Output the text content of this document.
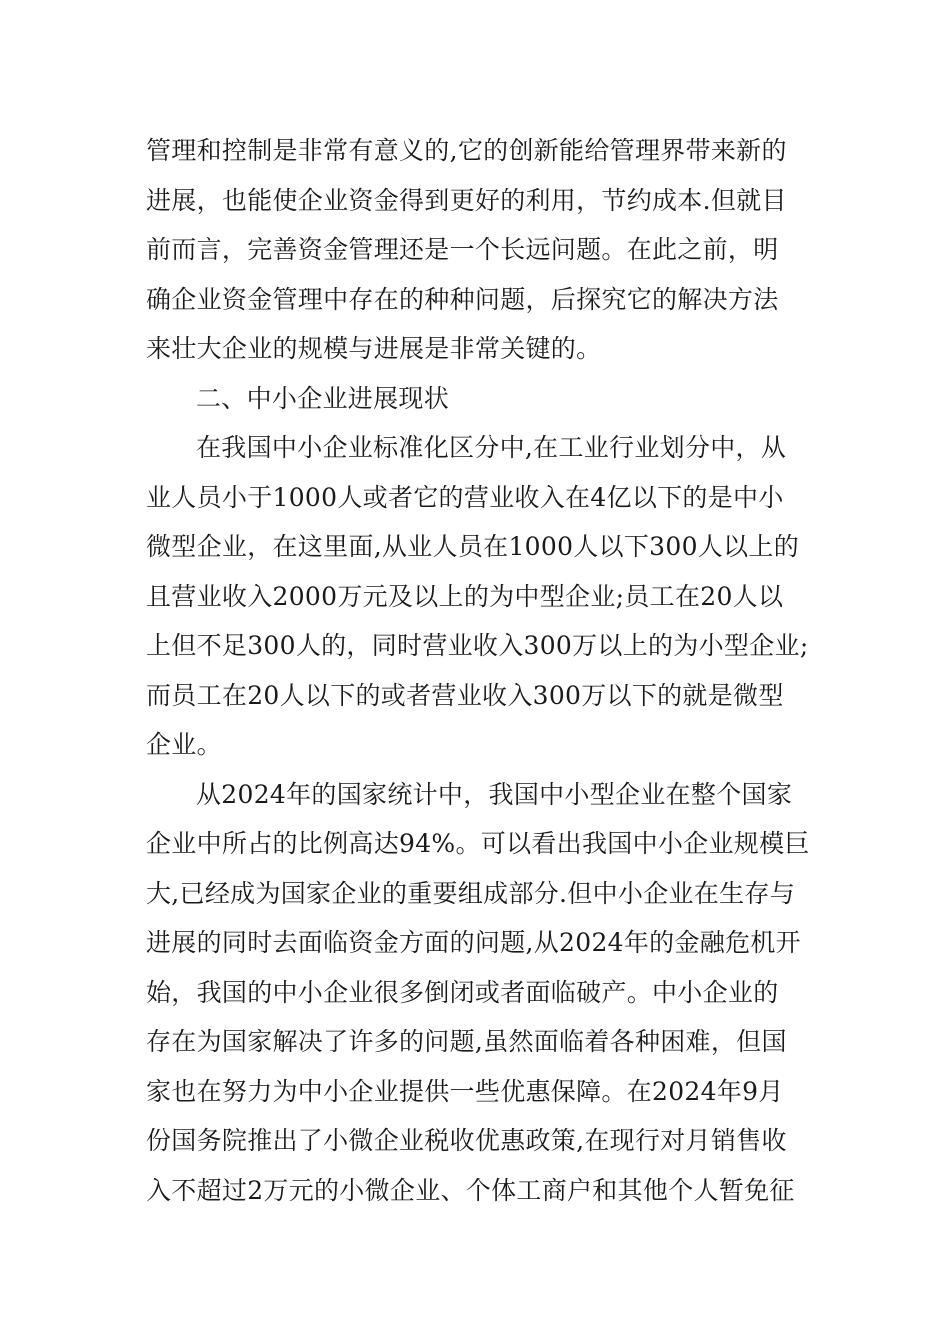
管理和控制是非常有意义的,它的创新能给管理界带来新的
进展，也能使企业资金得到更好的利用，节约成本.但就目
前而言，完善资金管理还是一个长远问题。在此之前，明
确企业资金管理中存在的种种问题，后探究它的解决方法
来壮大企业的规模与进展是非常关键的。
二、中小企业进展现状
在我国中小企业标准化区分中,在工业行业划分中，从
业人员小于1000人或者它的营业收入在4亿以下的是中小
微型企业，在这里面,从业人员在1000人以下300人以上的
且营业收入2000万元及以上的为中型企业;员工在20人以
上但不足300人的，同时营业收入300万以上的为小型企业;
而员工在20人以下的或者营业收入300万以下的就是微型
企业。
从2024年的国家统计中，我国中小型企业在整个国家
企业中所占的比例高达94%。可以看出我国中小企业规模巨
大,已经成为国家企业的重要组成部分.但中小企业在生存与
进展的同时去面临资金方面的问题,从2024年的金融危机开
始，我国的中小企业很多倒闭或者面临破产。中小企业的
存在为国家解决了许多的问题,虽然面临着各种困难，但国
家也在努力为中小企业提供一些优惠保障。在2024年9月
份国务院推出了小微企业税收优惠政策,在现行对月销售收
入不超过2万元的小微企业、个体工商户和其他个人暂免征
